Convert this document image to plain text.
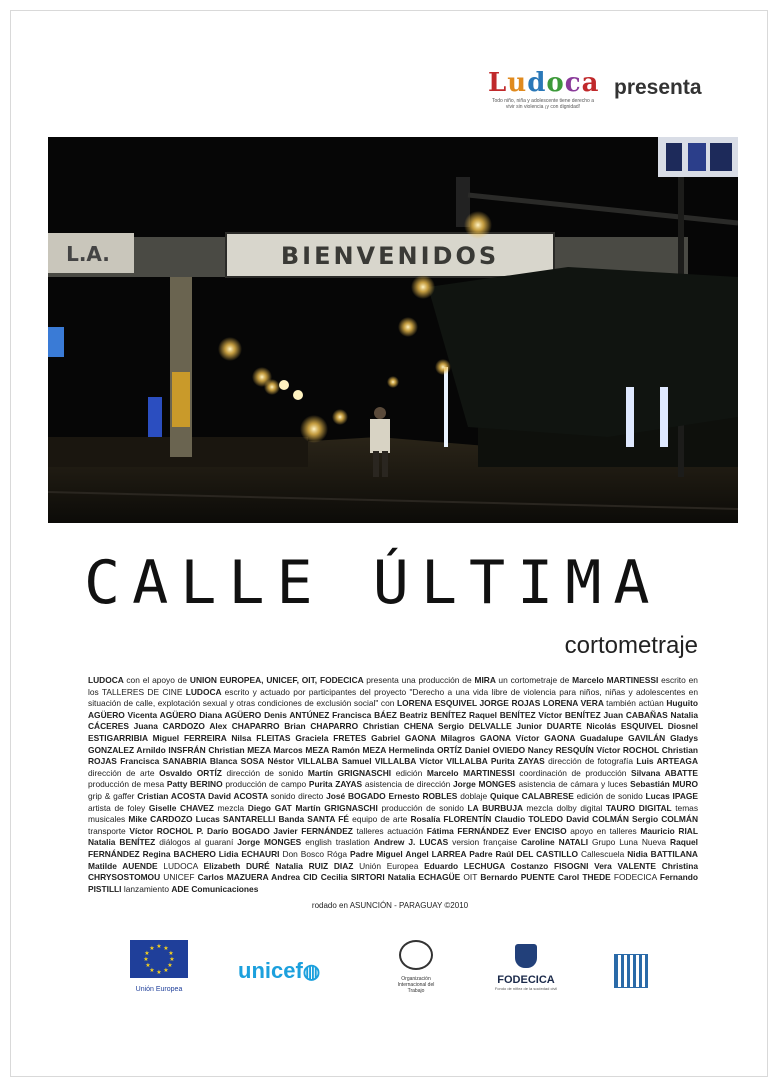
Ludoca
Todo niño, niña y adolescente tiene derecho a vivir sin violencia ¡y con dignidad!
presenta
BIENVENIDOS
L.A.
CALLE ÚLTIMA
cortometraje
LUDOCA con el apoyo de UNION EUROPEA, UNICEF, OIT, FODECICA presenta una producción de MIRA un cortometraje de Marcelo MARTINESSI escrito en los TALLERES DE CINE LUDOCA escrito y actuado por participantes del proyecto "Derecho a una vida libre de violencia para niños, niñas y adolescentes en situación de calle, explotación sexual y otras condiciones de exclusión social" con LORENA ESQUIVEL JORGE ROJAS LORENA VERA también actúan Huguito AGÜERO Vicenta AGÜERO Diana AGÜERO Denis ANTÚNEZ Francisca BÁEZ Beatriz BENÍTEZ Raquel BENÍTEZ Víctor BENÍTEZ Juan CABAÑAS Natalia CÁCERES Juana CARDOZO Alex CHAPARRO Brian CHAPARRO Christian CHENA Sergio DELVALLE Junior DUARTE Nicolás ESQUIVEL Diosnel ESTIGARRIBIA Miguel FERREIRA Nilsa FLEITAS Graciela FRETES Gabriel GAONA Milagros GAONA Víctor GAONA Guadalupe GAVILÁN Gladys GONZALEZ Arnildo INSFRÁN Christian MEZA Marcos MEZA Ramón MEZA Hermelinda ORTÍZ Daniel OVIEDO Nancy RESQUÍN Víctor ROCHOL Christian ROJAS Francisca SANABRIA Blanca SOSA Néstor VILLALBA Samuel VILLALBA Víctor VILLALBA Purita ZAYAS dirección de fotografía Luis ARTEAGA dirección de arte Osvaldo ORTÍZ dirección de sonido Martín GRIGNASCHI edición Marcelo MARTINESSI coordinación de producción Silvana ABATTE producción de mesa Patty BERINO producción de campo Purita ZAYAS asistencia de dirección Jorge MONGES asistencia de cámara y luces Sebastián MURO grip & gaffer Cristian ACOSTA David ACOSTA sonido directo José BOGADO Ernesto ROBLES doblaje Quique CALABRESE edición de sonido Lucas IPAGE artista de foley Giselle CHAVEZ mezcla Diego GAT Martín GRIGNASCHI producción de sonido LA BURBUJA mezcla dolby digital TAURO DIGITAL temas musicales Mike CARDOZO Lucas SANTARELLI Banda SANTA FÉ equipo de arte Rosalía FLORENTÍN Claudio TOLEDO David COLMÁN Sergio COLMÁN transporte Víctor ROCHOL P. Darío BOGADO Javier FERNÁNDEZ talleres actuación Fátima FERNÁNDEZ Ever ENCISO apoyo en talleres Mauricio RIAL Natalia BENÍTEZ diálogos al guaraní Jorge MONGES english traslation Andrew J. LUCAS version française Caroline NATALI Grupo Luna Nueva Raquel FERNÁNDEZ Regina BACHERO Lidia ECHAURI Don Bosco Róga Padre Miguel Angel LARREA Padre Raúl DEL CASTILLO Callescuela Nidia BATTILANA Matilde AUENDE LUDOCA Elizabeth DURÉ Natalia RUIZ DIAZ Unión Europea Eduardo LECHUGA Costanzo FISOGNI Vera VALENTE Christina CHRYSOSTOMOU UNICEF Carlos MAZUERA Andrea CID Cecilia SIRTORI Natalia ECHAGÜE OIT Bernardo PUENTE Carol THEDE FODECICA Fernando PISTILLI lanzamiento ADE Comunicaciones
rodado en ASUNCIÓN - PARAGUAY ©2010
★ ★
★
★
★
★
★
★
★
★
★
★
Unión Europea
unicef◍	Organización Internacional del Trabajo
FODECICA
Fondo de niñez de la sociedad civil
